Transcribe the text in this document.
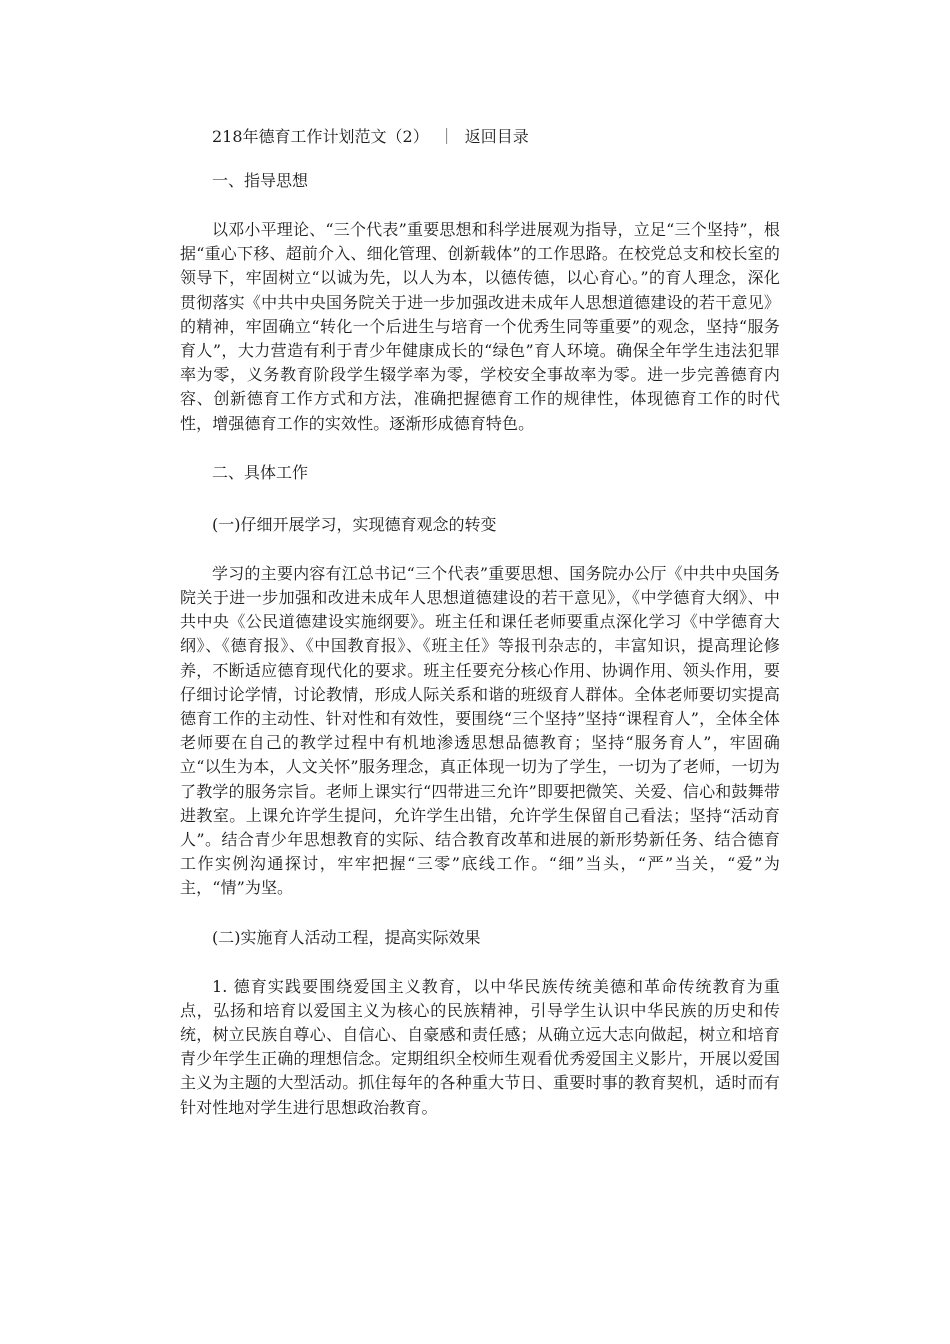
218年德育工作计划范文（2） ｜ 返回目录
一、指导思想

以邓小平理论、“三个代表”重要思想和科学进展观为指导，立足“三个坚持”，根据“重心下移、超前介入、细化管理、创新载体”的工作思路。在校党总支和校长室的领导下，牢固树立“以诚为先，以人为本，以德传德，以心育心。”的育人理念，深化贯彻落实《中共中央国务院关于进一步加强改进未成年人思想道德建设的若干意见》的精神，牢固确立“转化一个后进生与培育一个优秀生同等重要”的观念，坚持“服务育人”，大力营造有利于青少年健康成长的“绿色”育人环境。确保全年学生违法犯罪率为零，义务教育阶段学生辍学率为零，学校安全事故率为零。进一步完善德育内容、创新德育工作方式和方法，准确把握德育工作的规律性，体现德育工作的时代性，增强德育工作的实效性。逐渐形成德育特色。

二、具体工作
(一)仔细开展学习，实现德育观念的转变

学习的主要内容有江总书记“三个代表”重要思想、国务院办公厅《中共中央国务院关于进一步加强和改进未成年人思想道德建设的若干意见》，《中学德育大纲》、中共中央《公民道德建设实施纲要》。班主任和课任老师要重点深化学习《中学德育大纲》、《德育报》、《中国教育报》、《班主任》等报刊杂志的，丰富知识，提高理论修养，不断适应德育现代化的要求。班主任要充分核心作用、协调作用、领头作用，要仔细讨论学情，讨论教情，形成人际关系和谐的班级育人群体。全体老师要切实提高德育工作的主动性、针对性和有效性，要围绕“三个坚持”坚持“课程育人”，全体全体老师要在自己的教学过程中有机地渗透思想品德教育；坚持“服务育人”，牢固确立“以生为本，人文关怀”服务理念，真正体现一切为了学生，一切为了老师，一切为了教学的服务宗旨。老师上课实行“四带进三允许”即要把微笑、关爱、信心和鼓舞带进教室。上课允许学生提问，允许学生出错，允许学生保留自己看法；坚持“活动育人”。结合青少年思想教育的实际、结合教育改革和进展的新形势新任务、结合德育工作实例沟通探讨，牢牢把握“三零”底线工作。“细”当头，“严”当关，“爱”为主，“情”为坚。

(二)实施育人活动工程，提高实际效果

1. 德育实践要围绕爱国主义教育，以中华民族传统美德和革命传统教育为重点，弘扬和培育以爱国主义为核心的民族精神，引导学生认识中华民族的历史和传统，树立民族自尊心、自信心、自豪感和责任感；从确立远大志向做起，树立和培育青少年学生正确的理想信念。定期组织全校师生观看优秀爱国主义影片，开展以爱国主义为主题的大型活动。抓住每年的各种重大节日、重要时事的教育契机，适时而有针对性地对学生进行思想政治教育。
